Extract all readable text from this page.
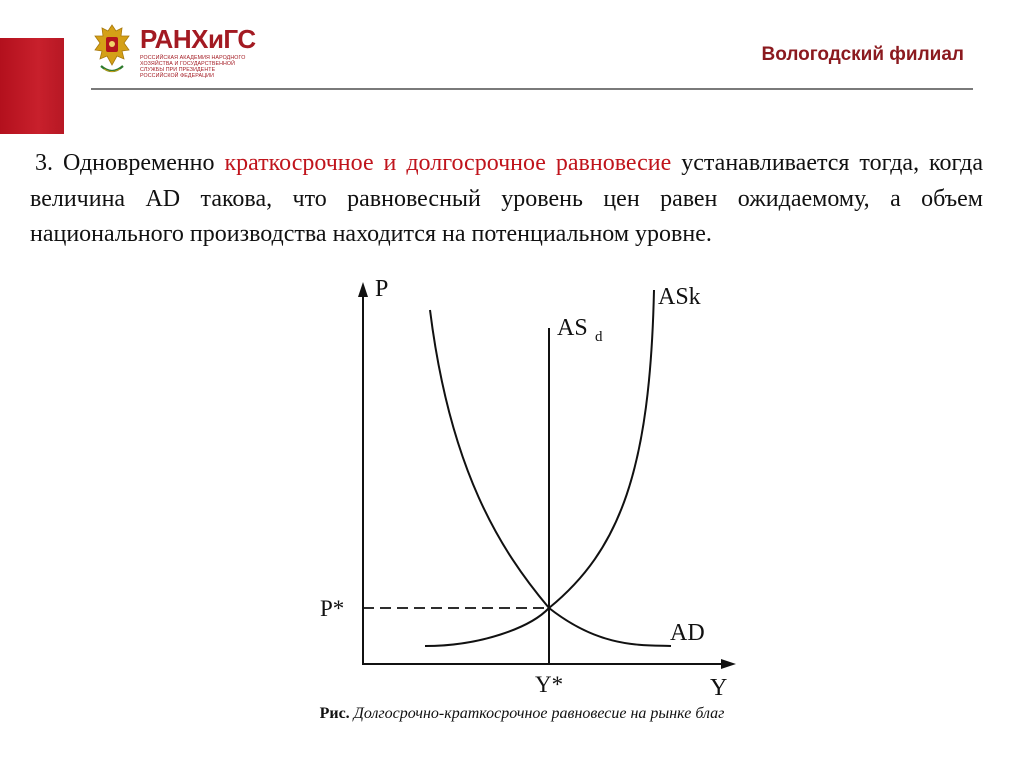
РАНХиГС
РОССИЙСКАЯ АКАДЕМИЯ НАРОДНОГО ХОЗЯЙСТВА И ГОСУДАРСТВЕННОЙ СЛУЖБЫ ПРИ ПРЕЗИДЕНТЕ РОССИЙСКОЙ ФЕДЕРАЦИИ
Вологодский филиал
3. Одновременно краткосрочное и долгосрочное равновесие устанавливается тогда, когда величина AD такова, что равновесный уровень цен равен ожидаемому, а объем национального производства находится на потенциальном уровне.
P
Y
ASk
AS d
AD
P*
Y*
Рис. Долгосрочно-краткосрочное равновесие на рынке благ
